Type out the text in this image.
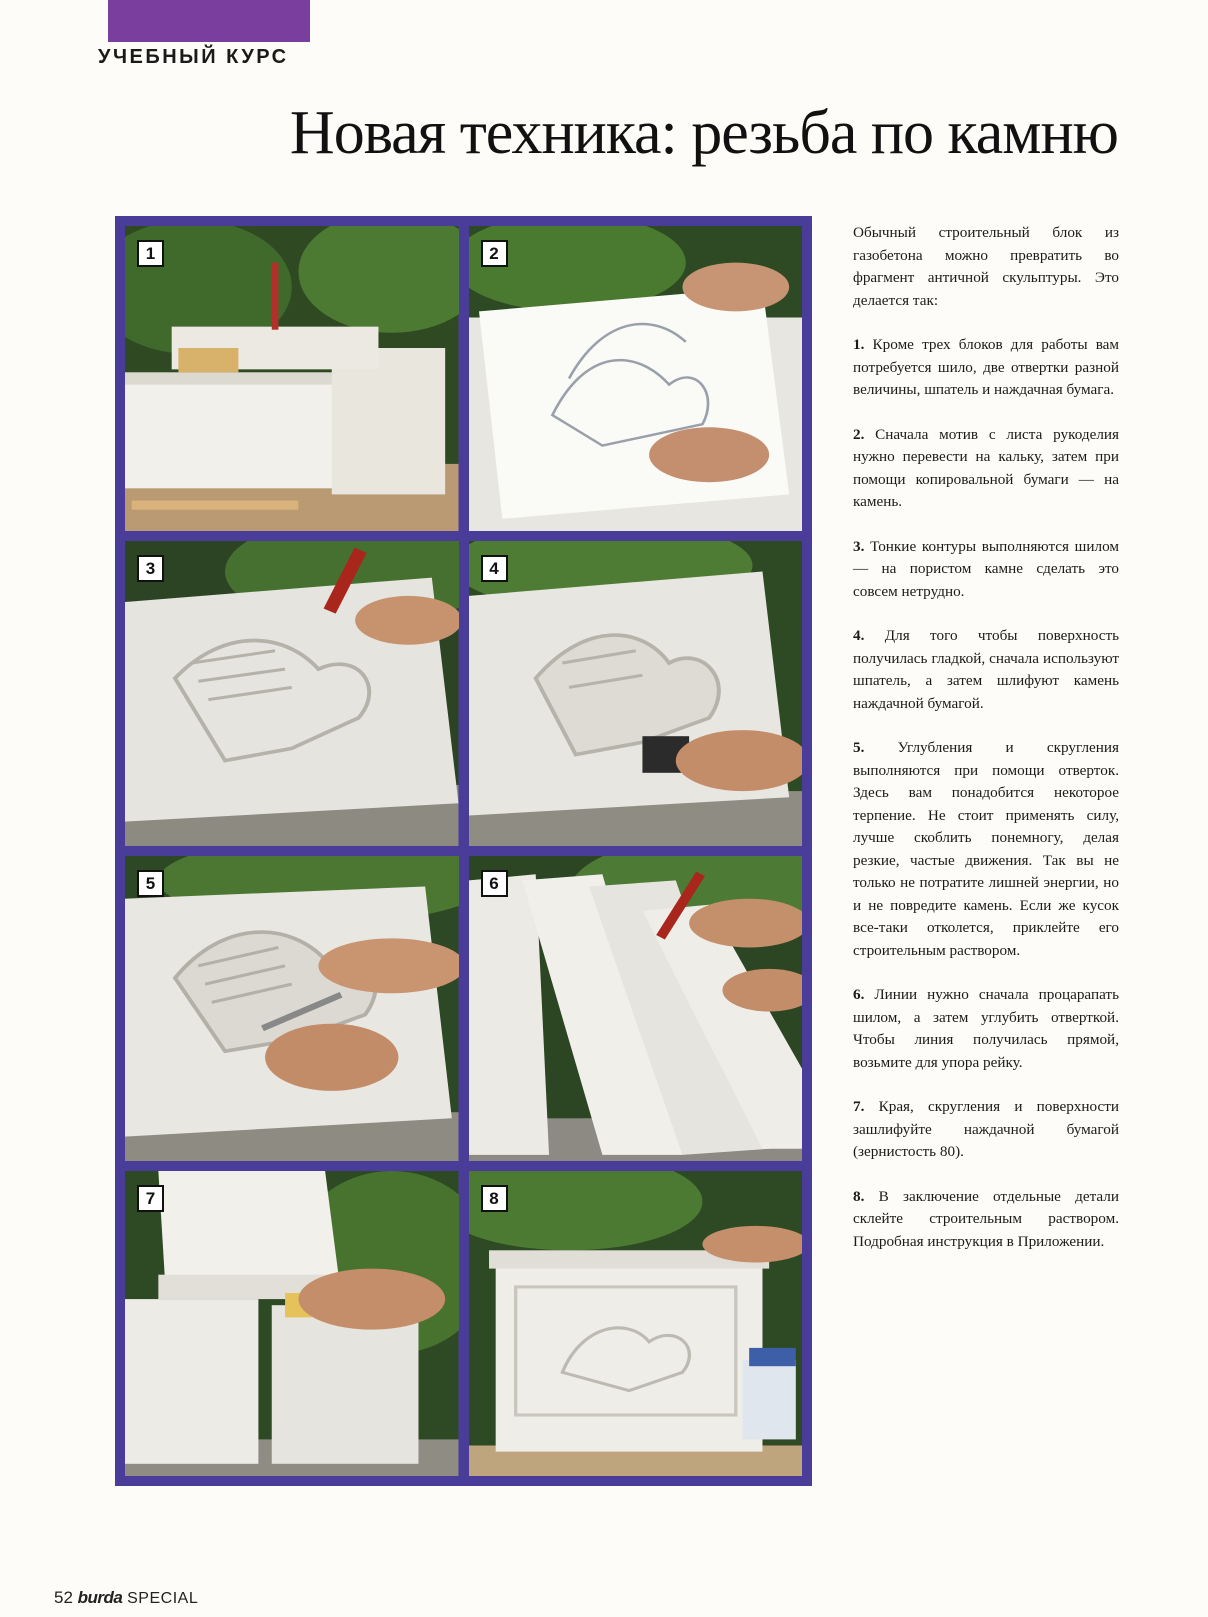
УЧЕБНЫЙ КУРС
Новая техника: резьба по камню
1	2
3	4
5	6
7	8

Обычный строительный блок из газобетона можно превратить во фрагмент античной скульптуры. Это делается так:

1. Кроме трех блоков для работы вам потребуется шило, две отвертки разной величины, шпатель и наждачная бумага.

2. Сначала мотив с листа рукоделия нужно перевести на кальку, затем при помощи копировальной бумаги — на камень.

3. Тонкие контуры выполняются шилом — на пористом камне сделать это совсем нетрудно.

4. Для того чтобы поверхность получилась гладкой, сначала используют шпатель, а затем шлифуют камень наждачной бумагой.

5. Углубления и скругления выполняются при помощи отверток. Здесь вам понадобится некоторое терпение. Не стоит применять силу, лучше скоблить понемногу, делая резкие, частые движения. Так вы не только не потратите лишней энергии, но и не повредите камень. Если же кусок все-таки отколется, приклейте его строительным раствором.

6. Линии нужно сначала процарапать шилом, а затем углубить отверткой. Чтобы линия получилась прямой, возьмите для упора рейку.

7. Края, скругления и поверхности зашлифуйте наждачной бумагой (зернистость 80).

8. В заключение отдельные детали склейте строительным раствором. Подробная инструкция в Приложении.

52 burda SPECIAL
